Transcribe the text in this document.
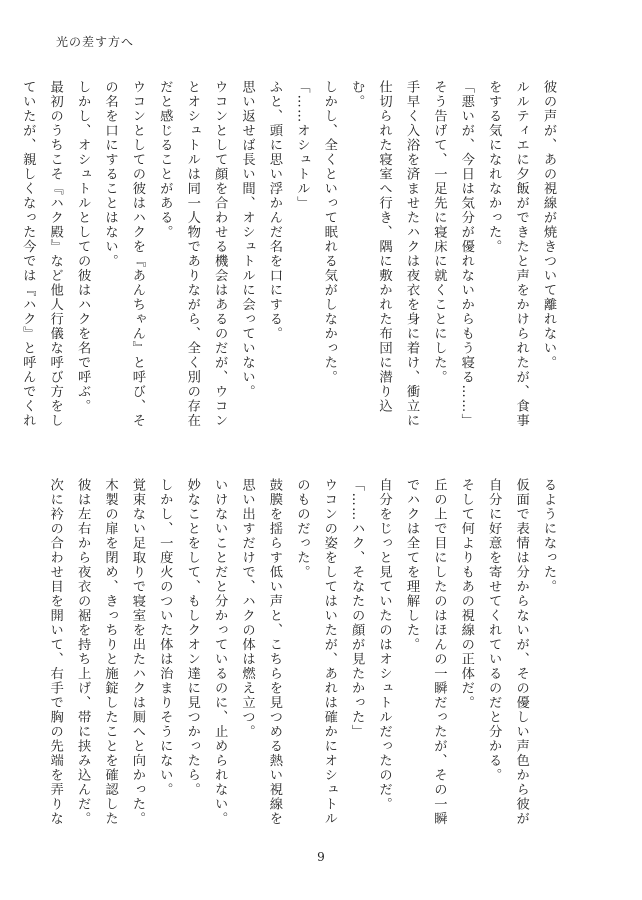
光の差す方へ

彼の声が、あの視線が焼きついて離れない。

ルルティエに夕飯ができたと声をかけられたが、食事をする気になれなかった。

「悪いが、今日は気分が優れないからもう寝る……」

そう告げて、一足先に寝床に就くことにした。

手早く入浴を済ませたハクは夜衣を身に着け、衝立に仕切られた寝室へ行き、隅に敷かれた布団に潜り込む。

しかし、全くといって眠れる気がしなかった。

「……オシュトル」

ふと、頭に思い浮かんだ名を口にする。

思い返せば長い間、オシュトルに会っていない。

ウコンとして顔を合わせる機会はあるのだが、ウコンとオシュトルは同一人物でありながら、全く別の存在だと感じることがある。

ウコンとしての彼はハクを『あんちゃん』と呼び、その名を口にすることはない。

しかし、オシュトルとしての彼はハクを名で呼ぶ。

最初のうちこそ『ハク殿』など他人行儀な呼び方をしていたが、親しくなった今では『ハク』と呼んでくれ

るようになった。

仮面で表情は分からないが、その優しい声色から彼が自分に好意を寄せてくれているのだと分かる。

そして何よりもあの視線の正体だ。

丘の上で目にしたのはほんの一瞬だったが、その一瞬でハクは全てを理解した。

自分をじっと見ていたのはオシュトルだったのだ。

「……ハク、そなたの顔が見たかった」

ウコンの姿をしてはいたが、あれは確かにオシュトルのものだった。

鼓膜を揺らす低い声と、こちらを見つめる熱い視線を思い出すだけで、ハクの体は燃え立つ。

いけないことだと分かっているのに、止められない。

妙なことをして、もしクオン達に見つかったら。

しかし、一度火のついた体は治まりそうにない。

覚束ない足取りで寝室を出たハクは厠へと向かった。

木製の扉を閉め、きっちりと施錠したことを確認した彼は左右から夜衣の裾を持ち上げ、帯に挟み込んだ。

次に衿の合わせ目を開いて、右手で胸の先端を弄りな

9
